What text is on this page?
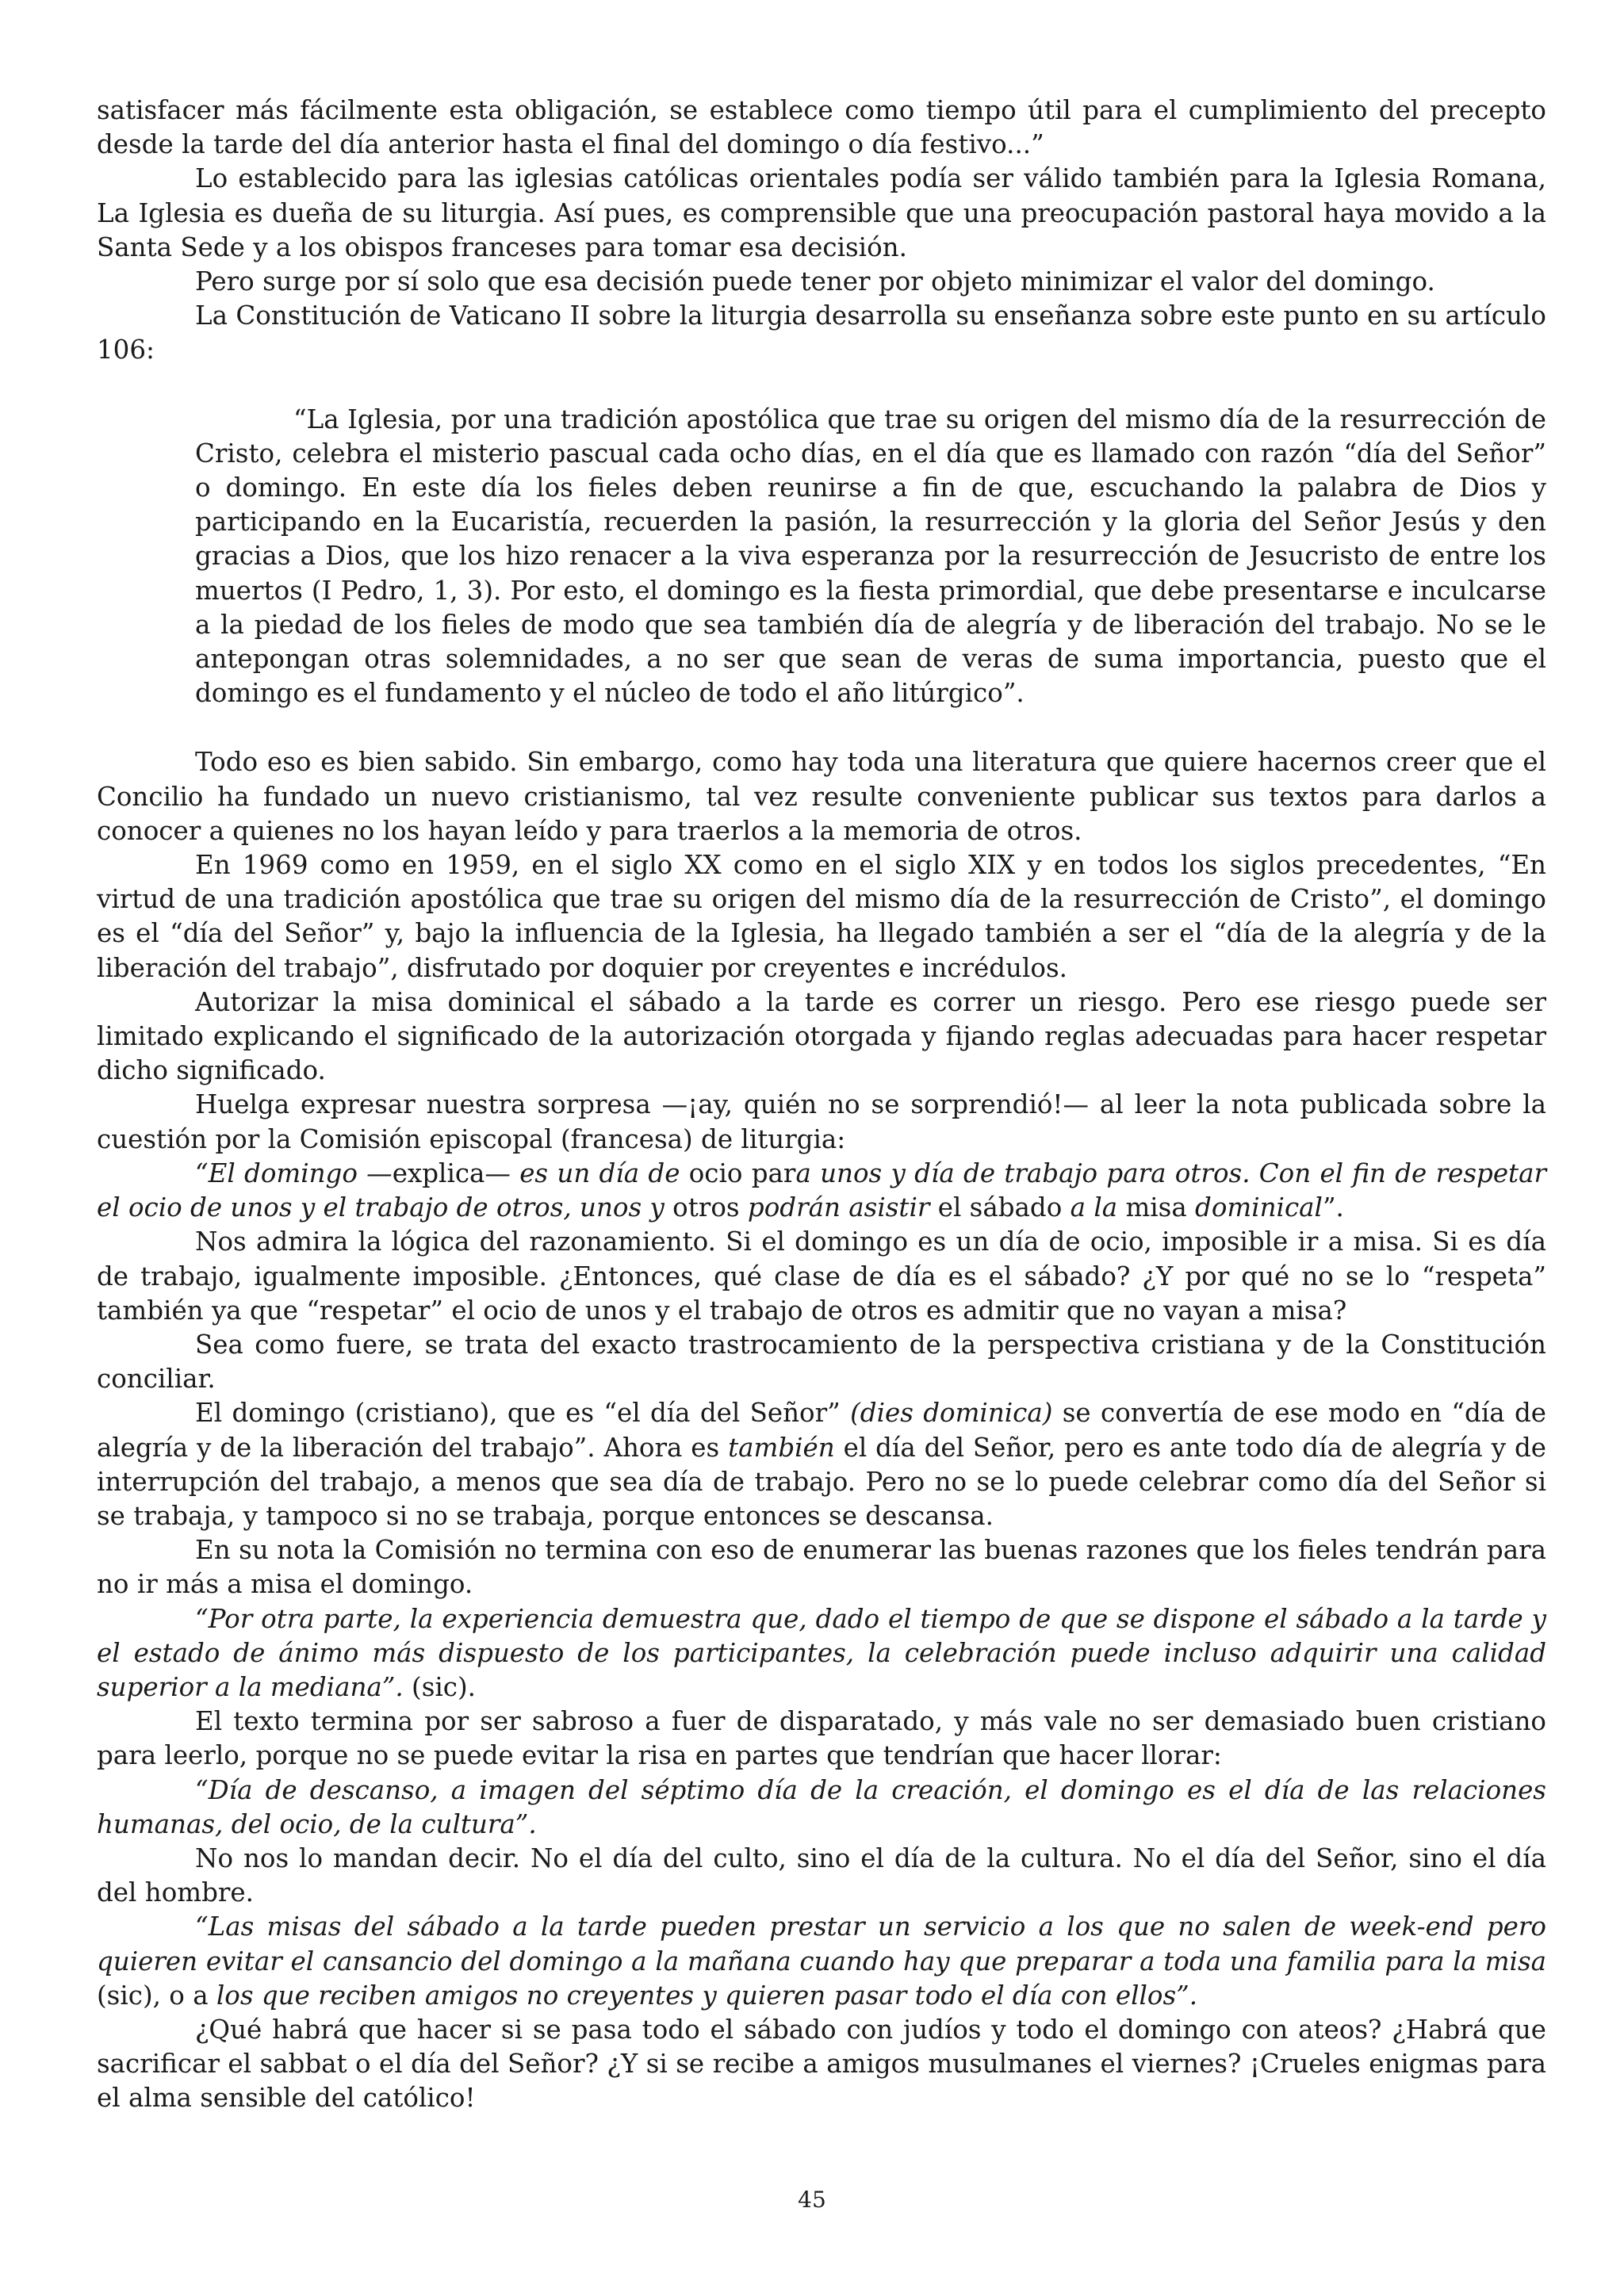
satisfacer más fácilmente esta obligación, se establece como tiempo útil para el cumplimiento del precepto desde la tarde del día anterior hasta el final del domingo o día festivo...”

Lo establecido para las iglesias católicas orientales podía ser válido también para la Iglesia Romana, La Iglesia es dueña de su liturgia. Así pues, es comprensible que una preocupación pastoral haya movido a la Santa Sede y a los obispos franceses para tomar esa decisión.

Pero surge por sí solo que esa decisión puede tener por objeto minimizar el valor del domingo.

La Constitución de Vaticano II sobre la liturgia desarrolla su enseñanza sobre este punto en su artículo 106:

“La Iglesia, por una tradición apostólica que trae su origen del mismo día de la resurrección de Cristo, celebra el misterio pascual cada ocho días, en el día que es llamado con razón “día del Señor” o domingo. En este día los fieles deben reunirse a fin de que, escuchando la palabra de Dios y participando en la Eucaristía, recuerden la pasión, la resurrección y la gloria del Señor Jesús y den gracias a Dios, que los hizo renacer a la viva esperanza por la resurrección de Jesucristo de entre los muertos (I Pedro, 1, 3). Por esto, el domingo es la fiesta primordial, que debe presentarse e inculcarse a la piedad de los fieles de modo que sea también día de alegría y de liberación del trabajo. No se le antepongan otras solemnidades, a no ser que sean de veras de suma importancia, puesto que el domingo es el fundamento y el núcleo de todo el año litúrgico”.

Todo eso es bien sabido. Sin embargo, como hay toda una literatura que quiere hacernos creer que el Concilio ha fundado un nuevo cristianismo, tal vez resulte conveniente publicar sus textos para darlos a conocer a quienes no los hayan leído y para traerlos a la memoria de otros.

En 1969 como en 1959, en el siglo XX como en el siglo XIX y en todos los siglos precedentes, “En virtud de una tradición apostólica que trae su origen del mismo día de la resurrección de Cristo”, el domingo es el “día del Señor” y, bajo la influencia de la Iglesia, ha llegado también a ser el “día de la alegría y de la liberación del trabajo”, disfrutado por doquier por creyentes e incrédulos.

Autorizar la misa dominical el sábado a la tarde es correr un riesgo. Pero ese riesgo puede ser limitado explicando el significado de la autorización otorgada y fijando reglas adecuadas para hacer respetar dicho significado.

Huelga expresar nuestra sorpresa —¡ay, quién no se sorprendió!— al leer la nota publicada sobre la cuestión por la Comisión episcopal (francesa) de liturgia:

“El domingo —explica— es un día de ocio para unos y día de trabajo para otros. Con el fin de respetar el ocio de unos y el trabajo de otros, unos y otros podrán asistir el sábado a la misa dominical”.

Nos admira la lógica del razonamiento. Si el domingo es un día de ocio, imposible ir a misa. Si es día de trabajo, igualmente imposible. ¿Entonces, qué clase de día es el sábado? ¿Y por qué no se lo “respeta” también ya que “respetar” el ocio de unos y el trabajo de otros es admitir que no vayan a misa?

Sea como fuere, se trata del exacto trastrocamiento de la perspectiva cristiana y de la Constitución conciliar.

El domingo (cristiano), que es “el día del Señor” (dies dominica) se convertía de ese modo en “día de alegría y de la liberación del trabajo”. Ahora es también el día del Señor, pero es ante todo día de alegría y de interrupción del trabajo, a menos que sea día de trabajo. Pero no se lo puede celebrar como día del Señor si se trabaja, y tampoco si no se trabaja, porque entonces se descansa.

En su nota la Comisión no termina con eso de enumerar las buenas razones que los fieles tendrán para no ir más a misa el domingo.

“Por otra parte, la experiencia demuestra que, dado el tiempo de que se dispone el sábado a la tarde y el estado de ánimo más dispuesto de los participantes, la celebración puede incluso adquirir una calidad superior a la mediana”. (sic).

El texto termina por ser sabroso a fuer de disparatado, y más vale no ser demasiado buen cristiano para leerlo, porque no se puede evitar la risa en partes que tendrían que hacer llorar:

“Día de descanso, a imagen del séptimo día de la creación, el domingo es el día de las relaciones humanas, del ocio, de la cultura”.

No nos lo mandan decir. No el día del culto, sino el día de la cultura. No el día del Señor, sino el día del hombre.

“Las misas del sábado a la tarde pueden prestar un servicio a los que no salen de week-end pero quieren evitar el cansancio del domingo a la mañana cuando hay que preparar a toda una familia para la misa (sic), o a los que reciben amigos no creyentes y quieren pasar todo el día con ellos”.

¿Qué habrá que hacer si se pasa todo el sábado con judíos y todo el domingo con ateos? ¿Habrá que sacrificar el sabbat o el día del Señor? ¿Y si se recibe a amigos musulmanes el viernes? ¡Crueles enigmas para el alma sensible del católico!

45
